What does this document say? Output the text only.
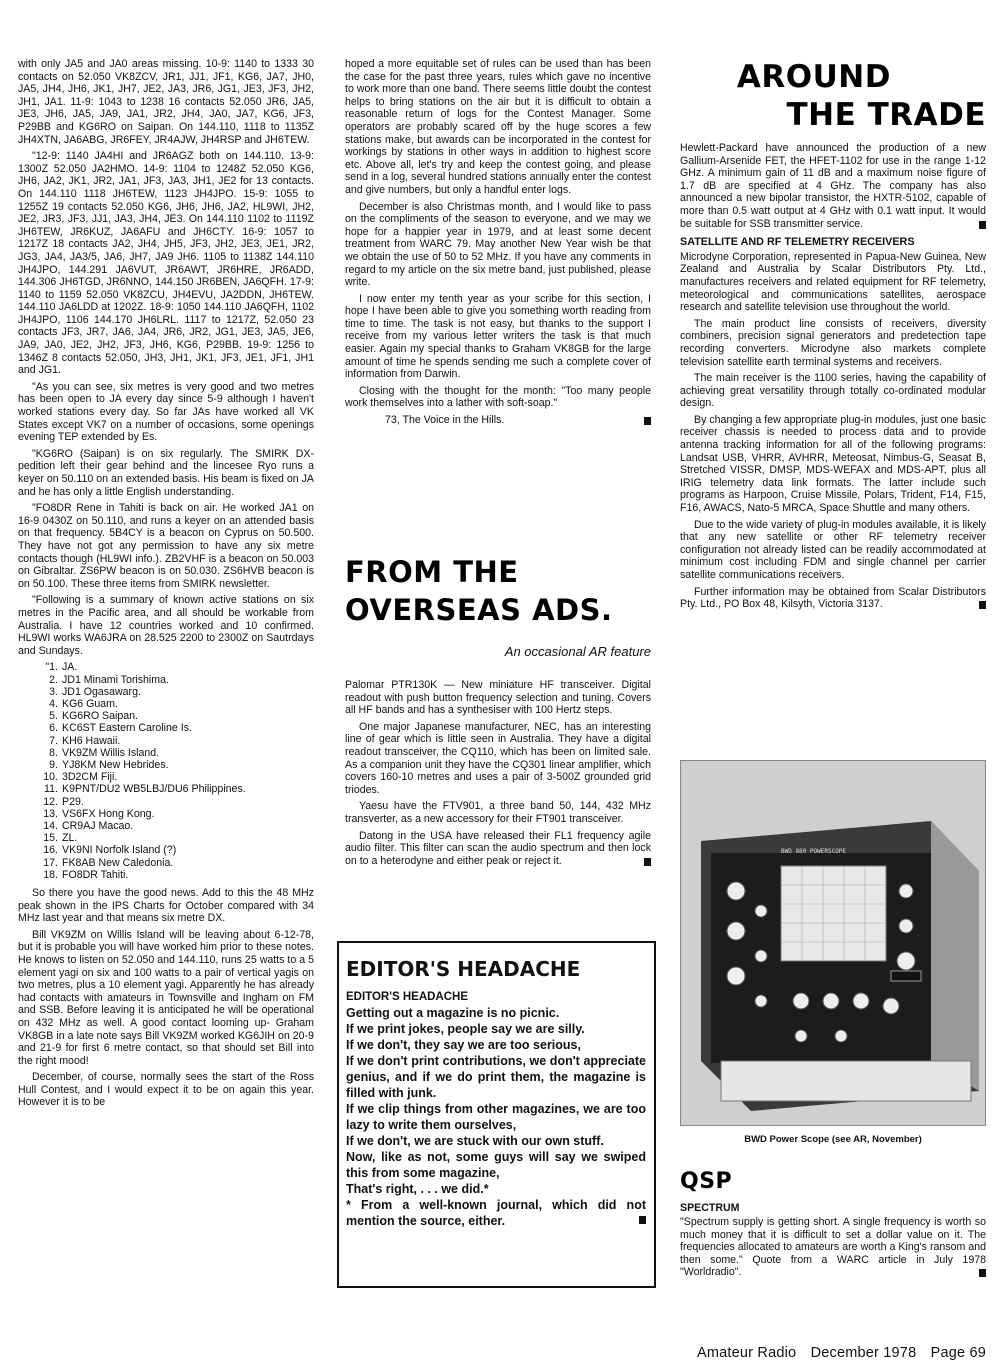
with only JA5 and JA0 areas missing. 10-9: 1140 to 1333 30 contacts on 52.050 VK8ZCV, JR1, JJ1, JF1, KG6, JA7, JH0, JA5, JH4, JH6, JK1, JH7, JE2, JA3, JR6, JG1, JE3, JF3, JH2, JH1, JA1. 11-9: 1043 to 1238 16 contacts 52.050 JR6, JA5, JE3, JH6, JA5, JA9, JA1, JR2, JH4, JA0, JA7, KG6, JF3, P29BB and KG6RO on Saipan. On 144.110, 1118 to 1135Z JH4XTN, JA6ABG, JR6FEY, JR4AJW, JH4RSP and JH6TEW.

"12-9: 1140 JA4HI and JR6AGZ both on 144.110. 13-9: 1300Z 52.050 JA2HMO. 14-9: 1104 to 1248Z 52.050 KG6, JH6, JA2, JK1, JR2, JA1, JF3, JA3, JH1, JE2 for 13 contacts. On 144.110 1118 JH6TEW, 1123 JH4JPO. 15-9: 1055 to 1255Z 19 contacts 52.050 KG6, JH6, JH6, JA2, HL9WI, JH2, JE2, JR3, JF3, JJ1, JA3, JH4, JE3. On 144.110 1102 to 1119Z JH6TEW, JR6KUZ, JA6AFU and JH6CTY. 16-9: 1057 to 1217Z 18 contacts JA2, JH4, JH5, JF3, JH2, JE3, JE1, JR2, JG3, JA4, JA3/5, JA6, JH7, JA9 JH6. 1105 to 1138Z 144.110 JH4JPO, 144.291 JA6VUT, JR6AWT, JR6HRE, JR6ADD, 144.306 JH6TGD, JR6NNO, 144.150 JR6BEN, JA6QFH. 17-9: 1140 to 1159 52.050 VK8ZCU, JH4EVU, JA2DDN, JH6TEW. 144.110 JA6LDD at 1202Z. 18-9: 1050 144.110 JA6QFH, 1102 JH4JPO, 1106 144.170 JH6LRL. 1117 to 1217Z, 52.050 23 contacts JF3, JR7, JA6, JA4, JR6, JR2, JG1, JE3, JA5, JE6, JA9, JA0, JE2, JH2, JF3, JH6, KG6, P29BB. 19-9: 1256 to 1346Z 8 contacts 52.050, JH3, JH1, JK1, JF3, JE1, JF1, JH1 and JG1.

"As you can see, six metres is very good and two metres has been open to JA every day since 5-9 although I haven't worked stations every day. So far JAs have worked all VK States except VK7 on a number of occasions, some openings evening TEP extended by Es.

"KG6RO (Saipan) is on six regularly. The SMIRK DX-pedition left their gear behind and the lincesee Ryo runs a keyer on 50.110 on an extended basis. His beam is fixed on JA and he has only a little English understanding.

"FO8DR Rene in Tahiti is back on air. He worked JA1 on 16-9 0430Z on 50.110, and runs a keyer on an attended basis on that frequency. 5B4CY is a beacon on Cyprus on 50.500. They have not got any permission to have any six metre contacts though (HL9WI info.). ZB2VHF is a beacon on 50.003 on Gibraltar. ZS6PW beacon is on 50.030. ZS6HVB beacon is on 50.100. These three items from SMIRK newsletter.

"Following is a summary of known active stations on six metres in the Pacific area, and all should be workable from Australia. I have 12 countries worked and 10 confirmed. HL9WI works WA6JRA on 28.525 2200 to 2300Z on Sautrdays and Sundays.

"1. JA.
2. JD1 Minami Torishima.
3. JD1 Ogasawarg.
4. KG6 Guam.
5. KG6RO Saipan.
6. KC6ST Eastern Caroline Is.
7. KH6 Hawaii.
8. VK9ZM Willis Island.
9. YJ8KM New Hebrides.
10. 3D2CM Fiji.
11. K9PNT/DU2 WB5LBJ/DU6 Philippines.
12. P29.
13. VS6FX Hong Kong.
14. CR9AJ Macao.
15. ZL.
16. VK9NI Norfolk Island (?)
17. FK8AB New Caledonia.
18. FO8DR Tahiti.

So there you have the good news. Add to this the 48 MHz peak shown in the IPS Charts for October compared with 34 MHz last year and that means six metre DX.

Bill VK9ZM on Willis Island will be leaving about 6-12-78, but it is probable you will have worked him prior to these notes. He knows to listen on 52.050 and 144.110, runs 25 watts to a 5 element yagi on six and 100 watts to a pair of vertical yagis on two metres, plus a 10 element yagi. Apparently he has already had contacts with amateurs in Townsville and Ingham on FM and SSB. Before leaving it is anticipated he will be operational on 432 MHz as well. A good contact looming up- Graham VK8GB in a late note says Bill VK9ZM worked KG6JIH on 20-9 and 21-9 for first 6 metre contact, so that should set Bill into the right mood!

December, of course, normally sees the start of the Ross Hull Contest, and I would expect it to be on again this year. However it is to be

hoped a more equitable set of rules can be used than has been the case for the past three years, rules which gave no incentive to work more than one band. There seems little doubt the contest helps to bring stations on the air but it is difficult to obtain a reasonable return of logs for the Contest Manager. Some operators are probably scared off by the huge scores a few stations make, but awards can be incorporated in the contest for workings by stations in other ways in addition to highest score etc. Above all, let's try and keep the contest going, and please send in a log, several hundred stations annually enter the contest and give numbers, but only a handful enter logs.

December is also Christmas month, and I would like to pass on the compliments of the season to everyone, and we may we hope for a happier year in 1979, and at least some decent treatment from WARC 79. May another New Year wish be that we obtain the use of 50 to 52 MHz. If you have any comments in regard to my article on the six metre band, just published, please write.

I now enter my tenth year as your scribe for this section, I hope I have been able to give you something worth reading from time to time. The task is not easy, but thanks to the support I receive from my various letter writers the task is that much easier. Again my special thanks to Graham VK8GB for the large amount of time he spends sending me such a complete cover of information from Darwin.

Closing with the thought for the month: "Too many people work themselves into a lather with soft-soap."

73, The Voice in the Hills.

FROM THE
OVERSEAS ADS.
An occasional AR feature

Palomar PTR130K — New miniature HF transceiver. Digital readout with push button frequency selection and tuning. Covers all HF bands and has a synthesiser with 100 Hertz steps.

One major Japanese manufacturer, NEC, has an interesting line of gear which is little seen in Australia. They have a digital readout transceiver, the CQ110, which has been on limited sale. As a companion unit they have the CQ301 linear amplifier, which covers 160-10 metres and uses a pair of 3-500Z grounded grid triodes.

Yaesu have the FTV901, a three band 50, 144, 432 MHz transverter, as a new accessory for their FT901 transceiver.

Datong in the USA have released their FL1 frequency agile audio filter. This filter can scan the audio spectrum and then lock on to a heterodyne and either peak or reject it.

EDITOR'S HEADACHE
EDITOR'S HEADACHE
Getting out a magazine is no picnic.
If we print jokes, people say we are silly.
If we don't, they say we are too serious,
If we don't print contributions, we don't appreciate genius, and if we do print them, the magazine is filled with junk.
If we clip things from other magazines, we are too lazy to write them ourselves,
If we don't, we are stuck with our own stuff.
Now, like as not, some guys will say we swiped this from some magazine,
That's right, . . . we did.*
* From a well-known journal, which did not mention the source, either.
AROUND
THE TRADE

Hewlett-Packard have announced the production of a new Gallium-Arsenide FET, the HFET-1102 for use in the range 1-12 GHz. A minimum gain of 11 dB and a maximum noise figure of 1.7 dB are specified at 4 GHz. The company has also announced a new bipolar transistor, the HXTR-5102, capable of more than 0.5 watt output at 4 GHz with 0.1 watt input. It would be suitable for SSB transmitter service.

SATELLITE AND RF TELEMETRY RECEIVERS

Microdyne Corporation, represented in Papua-New Guinea, New Zealand and Australia by Scalar Distributors Pty. Ltd., manufactures receivers and related equipment for RF telemetry, meteorological and communications satellites, aerospace research and satellite television use throughout the world.

The main product line consists of receivers, diversity combiners, precision signal generators and predetection tape recording converters. Microdyne also markets complete television satellite earth terminal systems and receivers.

The main receiver is the 1100 series, having the capability of achieving great versatility through totally co-ordinated modular design.

By changing a few appropriate plug-in modules, just one basic receiver chassis is needed to process data and to provide antenna tracking information for all of the following programs: Landsat USB, VHRR, AVHRR, Meteosat, Nimbus-G, Seasat B, Stretched VISSR, DMSP, MDS-WEFAX and MDS-APT, plus all IRIG telemetry data link formats. The latter include such programs as Harpoon, Cruise Missile, Polars, Trident, F14, F15, F16, AWACS, Nato-5 MRCA, Space Shuttle and many others.

Due to the wide variety of plug-in modules available, it is likely that any new satellite or other RF telemetry receiver configuration not already listed can be readily accommodated at minimum cost including FDM and single channel per carrier satellite communications receivers.

Further information may be obtained from Scalar Distributors Pty. Ltd., PO Box 48, Kilsyth, Victoria 3137.

BWD 880 POWERSCOPE
BWD Power Scope (see AR, November)
QSP
SPECTRUM

"Spectrum supply is getting short. A single frequency is worth so much money that it is difficult to set a dollar value on it. The frequencies allocated to amateurs are worth a King's ransom and then some." Quote from a WARC article in July 1978 "Worldradio".

Amateur Radio December 1978 Page 69
